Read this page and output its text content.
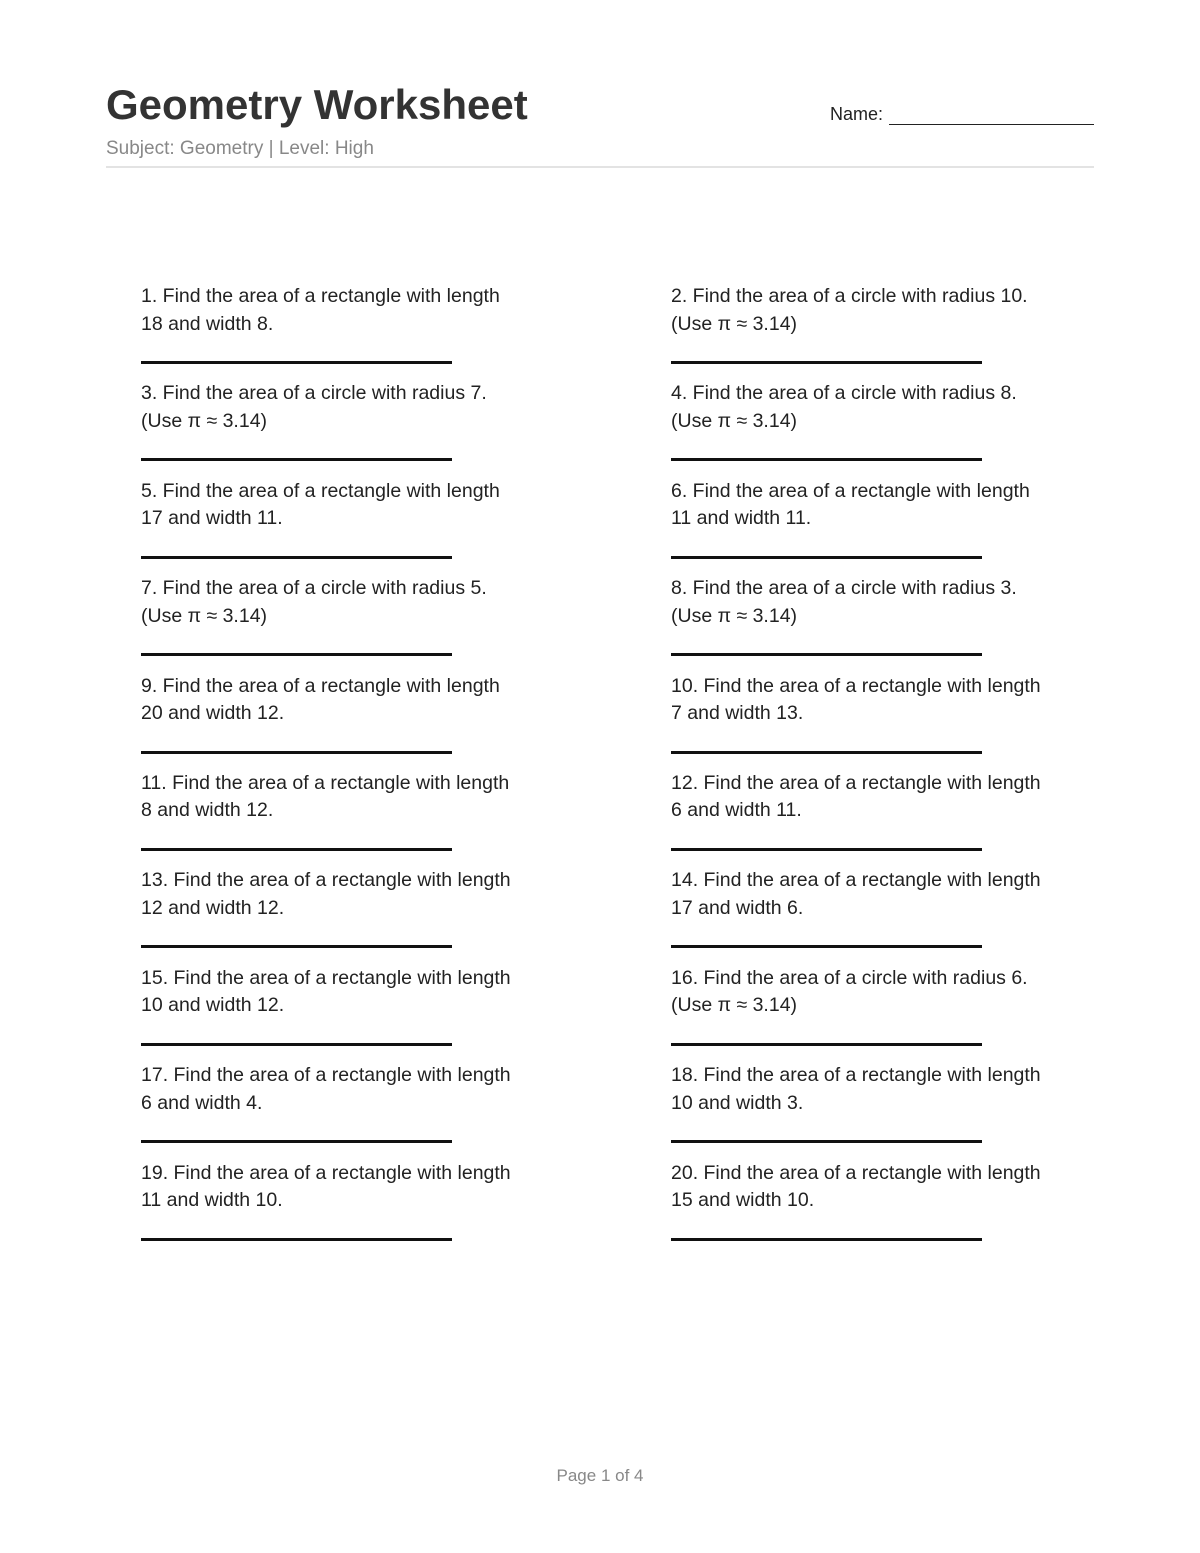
Geometry Worksheet
Subject: Geometry | Level: High
Name:
1. Find the area of a rectangle with length
18 and width 8.
2. Find the area of a circle with radius 10.
(Use π ≈ 3.14)
3. Find the area of a circle with radius 7.
(Use π ≈ 3.14)
4. Find the area of a circle with radius 8.
(Use π ≈ 3.14)
5. Find the area of a rectangle with length
17 and width 11.
6. Find the area of a rectangle with length
11 and width 11.
7. Find the area of a circle with radius 5.
(Use π ≈ 3.14)
8. Find the area of a circle with radius 3.
(Use π ≈ 3.14)
9. Find the area of a rectangle with length
20 and width 12.
10. Find the area of a rectangle with length
7 and width 13.
11. Find the area of a rectangle with length
8 and width 12.
12. Find the area of a rectangle with length
6 and width 11.
13. Find the area of a rectangle with length
12 and width 12.
14. Find the area of a rectangle with length
17 and width 6.
15. Find the area of a rectangle with length
10 and width 12.
16. Find the area of a circle with radius 6.
(Use π ≈ 3.14)
17. Find the area of a rectangle with length
6 and width 4.
18. Find the area of a rectangle with length
10 and width 3.
19. Find the area of a rectangle with length
11 and width 10.
20. Find the area of a rectangle with length
15 and width 10.
Page 1 of 4
